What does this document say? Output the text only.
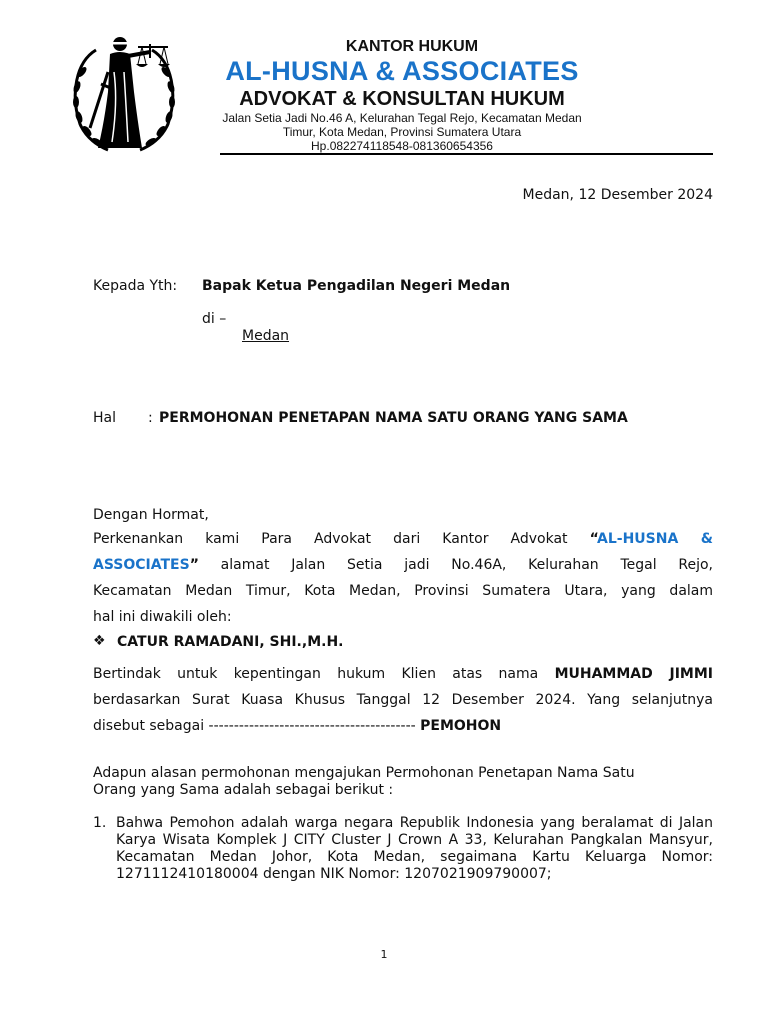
KANTOR HUKUM
AL-HUSNA & ASSOCIATES
ADVOKAT & KONSULTAN HUKUM
Jalan Setia Jadi No.46 A, Kelurahan Tegal Rejo, Kecamatan Medan
Timur, Kota Medan, Provinsi Sumatera Utara
Hp.082274118548-081360654356
Medan, 12 Desember 2024
Kepada Yth: Bapak Ketua Pengadilan Negeri Medan
di –
Medan
Hal : PERMOHONAN PENETAPAN NAMA SATU ORANG YANG SAMA
Dengan Hormat,
Perkenankan kami Para Advokat dari Kantor Advokat “AL-HUSNA &
ASSOCIATES” alamat Jalan Setia jadi No.46A, Kelurahan Tegal Rejo,
Kecamatan Medan Timur, Kota Medan, Provinsi Sumatera Utara, yang dalam
hal ini diwakili oleh:
❖ CATUR RAMADANI, SHI.,M.H.
Bertindak untuk kepentingan hukum Klien atas nama MUHAMMAD JIMMI
berdasarkan Surat Kuasa Khusus Tanggal 12 Desember 2024. Yang selanjutnya
disebut sebagai ----------------------------------------- PEMOHON
Adapun alasan permohonan mengajukan Permohonan Penetapan Nama Satu
Orang yang Sama adalah sebagai berikut :
1. Bahwa Pemohon adalah warga negara Republik Indonesia yang beralamat di Jalan Karya Wisata Komplek J CITY Cluster J Crown A 33, Kelurahan Pangkalan Mansyur, Kecamatan Medan Johor, Kota Medan, segaimana Kartu Keluarga Nomor: 1271112410180004 dengan NIK Nomor: 1207021909790007;
1
